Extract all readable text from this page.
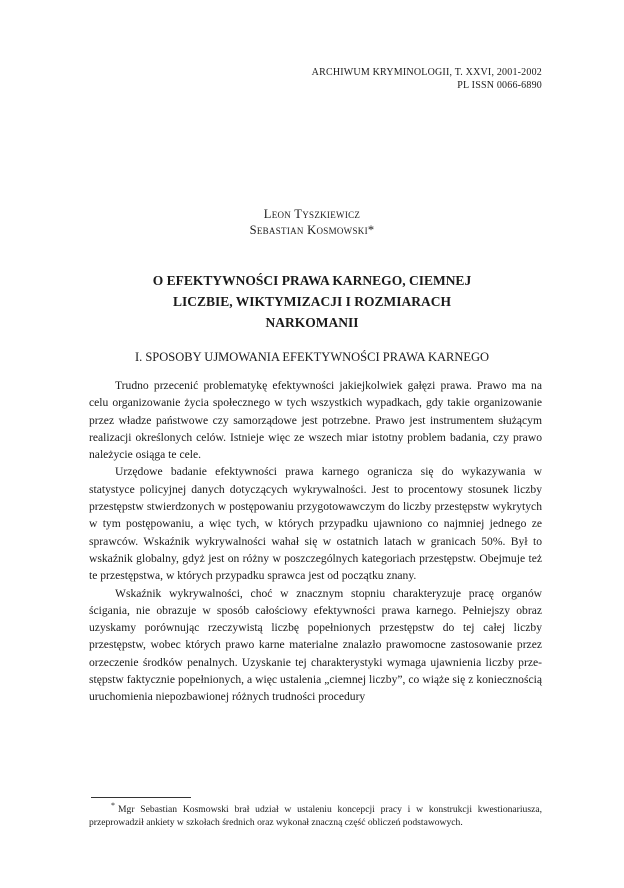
ARCHIWUM KRYMINOLOGII, T. XXVI, 2001-2002
PL ISSN 0066-6890
Leon Tyszkiewicz
Sebastian Kosmowski*
O EFEKTYWNOŚCI PRAWA KARNEGO, CIEMNEJ
LICZBIE, WIKTYMIZACJI I ROZMIARACH
NARKOMANII
I. SPOSOBY UJMOWANIA EFEKTYWNOŚCI PRAWA KARNEGO

Trudno przecenić problematykę efektywności jakiejkolwiek gałęzi prawa. Prawo ma na celu organizowanie życia społecznego w tych wszystkich wypadkach, gdy takie organizowanie przez władze państwowe czy samorządowe jest potrzebne. Prawo jest instrumentem służącym realizacji określonych celów. Istnieje więc ze wszech miar istotny problem badania, czy prawo należycie osiąga te cele.

Urzędowe badanie efektywności prawa karnego ogranicza się do wykazywania w statystyce policyjnej danych dotyczących wykrywalności. Jest to procentowy stosunek liczby przestępstw stwierdzonych w postępowaniu przygotowawczym do liczby przestępstw wykrytych w tym postępowaniu, a więc tych, w których przypadku ujawniono co najmniej jednego ze sprawców. Wskaźnik wykrywalności wahał się w ostatnich latach w granicach 50%. Był to wskaźnik globalny, gdyż jest on różny w poszczególnych kategoriach przestępstw. Obejmuje też te przestępstwa, w których przypadku sprawca jest od początku znany.

Wskaźnik wykrywalności, choć w znacznym stopniu charakteryzuje pracę organów ścigania, nie obrazuje w sposób całościowy efektywności prawa karnego. Pełniejszy obraz uzyskamy porównując rzeczywistą liczbę popełnionych przestępstw do tej całej liczby przestępstw, wobec których prawo karne materialne znalazło prawomocne zastosowanie przez orzeczenie środków penalnych. Uzyskanie tej charakterystyki wymaga ujawnienia liczby przestępstw faktycznie popełnionych, a więc ustalenia „ciemnej liczby”, co wiąże się z koniecznością uruchomienia niepozbawionej różnych trudności procedury

* Mgr Sebastian Kosmowski brał udział w ustaleniu koncepcji pracy i w konstrukcji kwestionariusza, przeprowadził ankiety w szkołach średnich oraz wykonał znaczną część obliczeń podstawowych.
